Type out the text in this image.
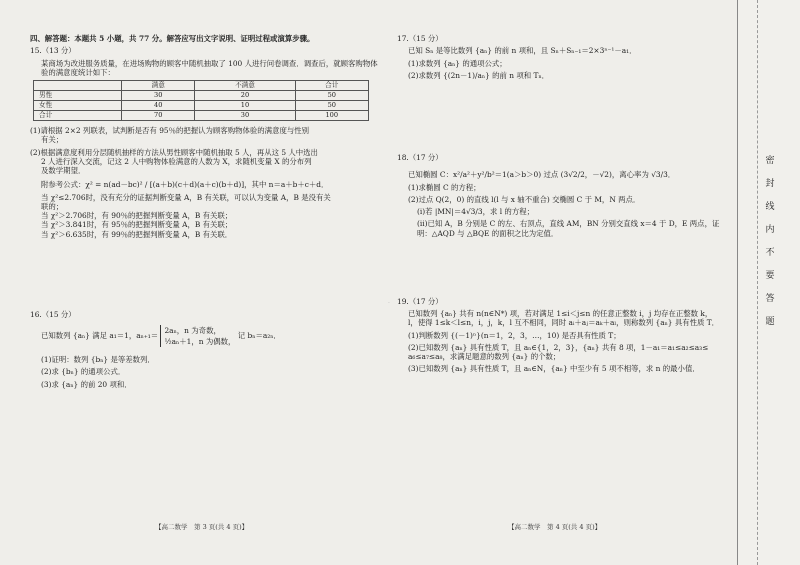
四、解答题：本题共 5 小题，共 77 分。解答应写出文字说明、证明过程或演算步骤。
15.（13 分）
某商场为改进服务质量，在进场购物的顾客中随机抽取了 100 人进行问卷调查．调查后，就顾客购物体验的满意度统计如下：
	满意	不满意	合计
男性	30	20	50
女性	40	10	50
合计	70	30	100
(1)请根据 2×2 列联表，试判断是否有 95％的把握认为顾客购物体验的满意度与性别
有关；
(2)根据满意度利用分层随机抽样的方法从男性顾客中随机抽取 5 人，再从这 5 人中选出
2 人进行深入交流，记这 2 人中购物体验满意的人数为 X，求随机变量 X 的分布列
及数学期望．
附参考公式：χ² = n(ad－bc)² / [(a＋b)(c＋d)(a＋c)(b＋d)]，其中 n＝a＋b＋c＋d．
当 χ²≤2.706时，没有充分的证据判断变量 A，B 有关联，可以认为变量 A，B 是没有关
联的；
当 χ²＞2.706时，有 90％的把握判断变量 A，B 有关联；
当 χ²＞3.841时，有 95％的把握判断变量 A，B 有关联；
当 χ²＞6.635时，有 99％的把握判断变量 A，B 有关联．
16.（15 分）
已知数列 {aₙ} 满足 a₁＝1，aₙ₊₁＝
2aₙ，n 为奇数，
½aₙ＋1，n 为偶数，
记 bₙ＝a₂ₙ．
(1)证明：数列 {bₙ} 是等差数列．
(2)求 {bₙ} 的通项公式．
(3)求 {aₙ} 的前 20 项和．
17.（15 分）
已知 Sₙ 是等比数列 {aₙ} 的前 n 项和，且 Sₙ＋Sₙ₋₁＝2×3ⁿ⁻¹－a₁．
(1)求数列 {aₙ} 的通项公式；
(2)求数列 {(2n－1)/aₙ} 的前 n 项和 Tₙ．
18.（17 分）
已知椭圆 C：x²/a²＋y²/b²＝1(a＞b＞0) 过点 (3√2/2，－√2)，离心率为 √3/3．
(1)求椭圆 C 的方程；
(2)过点 Q(2，0) 的直线 l(l 与 x 轴不重合) 交椭圆 C 于 M，N 两点．
(i)若 |MN|＝4√3/3，求 l 的方程；
(ii)已知 A，B 分别是 C 的左、右顶点，直线 AM，BN 分别交直线 x＝4 于 D，E 两点，证
明：△AQD 与 △BQE 的面积之比为定值．
19.（17 分）
已知数列 {aₙ} 共有 n(n∈N*) 项，若对满足 1≤i＜j≤n 的任意正整数 i，j 均存在正整数 k，
l，使得 1≤k＜l≤n，i，j，k，l 互不相同，同时 aᵢ＋aⱼ＝aₖ＋aₗ，则称数列 {aₙ} 具有性质 T．
(1)判断数列 {(－1)ⁿ}(n＝1，2，3，…，10) 是否具有性质 T；
(2)已知数列 {aₙ} 具有性质 T，且 aₙ∈{1，2，3}，{aₙ} 共有 8 项，1－a₁＝a₁≤a₂≤a₃≤
a₆≤a₇≤a₈，求满足题意的数列 {aₙ} 的个数；
(3)已知数列 {aₙ} 具有性质 T，且 aₙ∈N，{aₙ} 中至少有 5 项不相等，求 n 的最小值．
·
【高二数学　第 3 页(共 4 页)】	【高二数学　第 4 页(共 4 页)】
密 封 线 内 不 要 答 题
